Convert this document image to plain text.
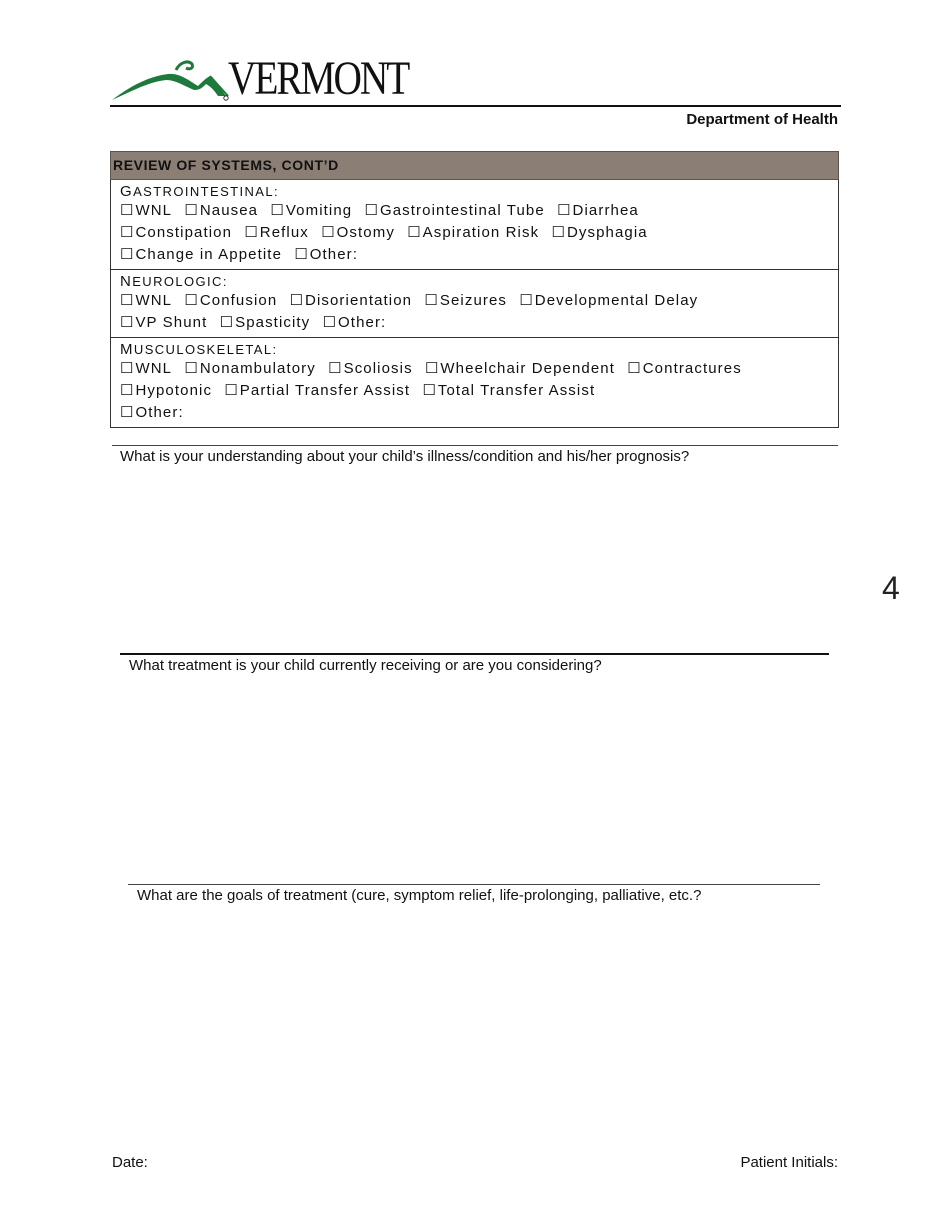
VERMONT
Department of Health
REVIEW OF SYSTEMS, CONT’D
GASTROINTESTINAL:
☐ WNL ☐ Nausea ☐ Vomiting ☐ Gastrointestinal Tube ☐ Diarrhea
☐ Constipation ☐ Reflux ☐ Ostomy ☐ Aspiration Risk ☐ Dysphagia
☐ Change in Appetite ☐ Other:
NEUROLOGIC:
☐ WNL ☐ Confusion ☐ Disorientation ☐ Seizures ☐ Developmental Delay
☐ VP Shunt ☐ Spasticity ☐ Other:
MUSCULOSKELETAL:
☐ WNL ☐ Nonambulatory ☐ Scoliosis ☐ Wheelchair Dependent ☐ Contractures
☐ Hypotonic ☐ Partial Transfer Assist ☐ Total Transfer Assist
☐ Other:
What is your understanding about your child’s illness/condition and his/her prognosis?
4
What treatment is your child currently receiving or are you considering?
What are the goals of treatment (cure, symptom relief, life-prolonging, palliative, etc.?
Date:	Patient Initials:
